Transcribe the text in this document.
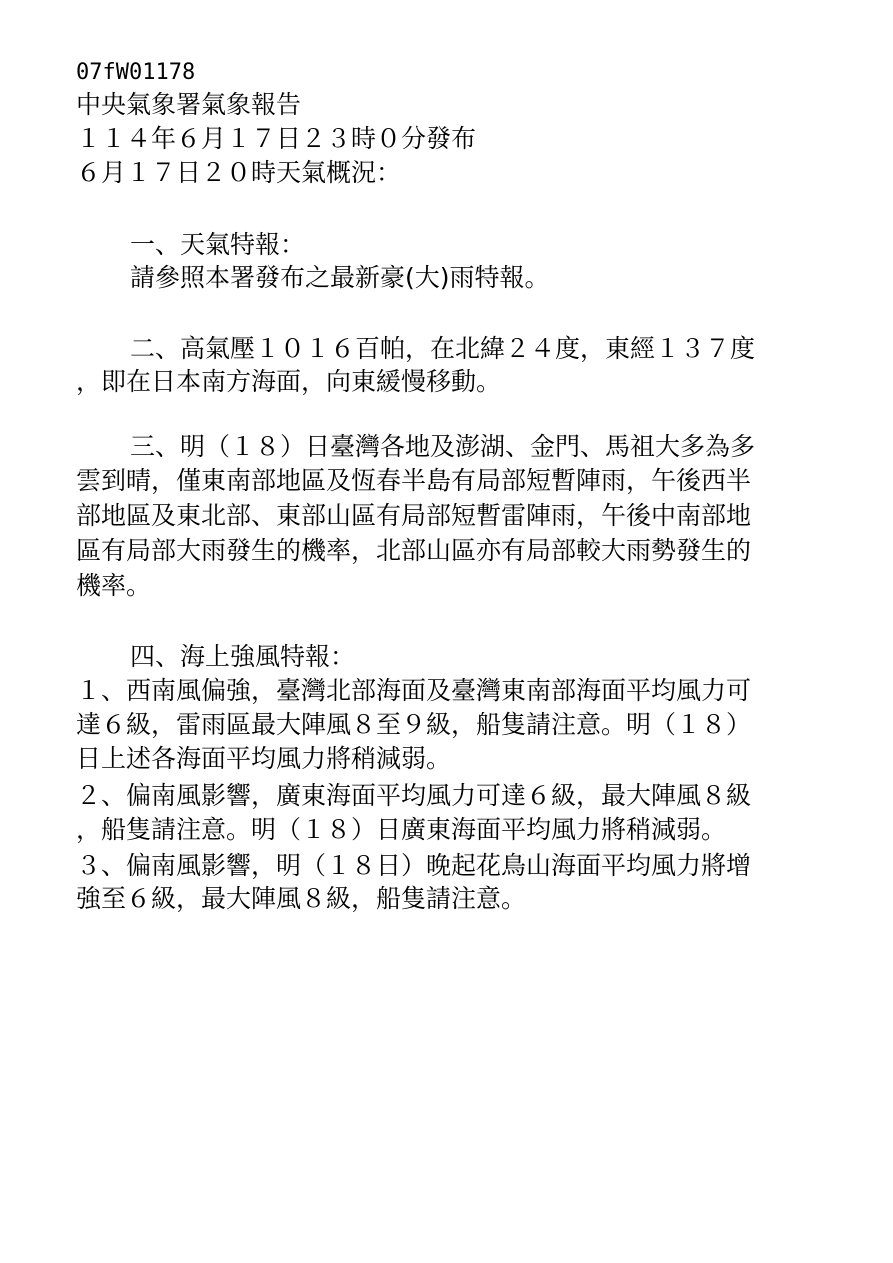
07fW01178
中央氣象署氣象報告
１１４年６月１７日２３時０分發布
６月１７日２０時天氣概況：
一、天氣特報：
請參照本署發布之最新豪(大)雨特報。
二、高氣壓１０１６百帕，在北緯２４度，東經１３７度
，即在日本南方海面，向東緩慢移動。
三、明（１８）日臺灣各地及澎湖、金門、馬祖大多為多
雲到晴，僅東南部地區及恆春半島有局部短暫陣雨，午後西半
部地區及東北部、東部山區有局部短暫雷陣雨，午後中南部地
區有局部大雨發生的機率，北部山區亦有局部較大雨勢發生的
機率。
四、海上強風特報：
１、西南風偏強，臺灣北部海面及臺灣東南部海面平均風力可
達６級，雷雨區最大陣風８至９級，船隻請注意。明（１８）
日上述各海面平均風力將稍減弱。
２、偏南風影響，廣東海面平均風力可達６級，最大陣風８級
，船隻請注意。明（１８）日廣東海面平均風力將稍減弱。
３、偏南風影響，明（１８日）晚起花鳥山海面平均風力將增
強至６級，最大陣風８級，船隻請注意。
